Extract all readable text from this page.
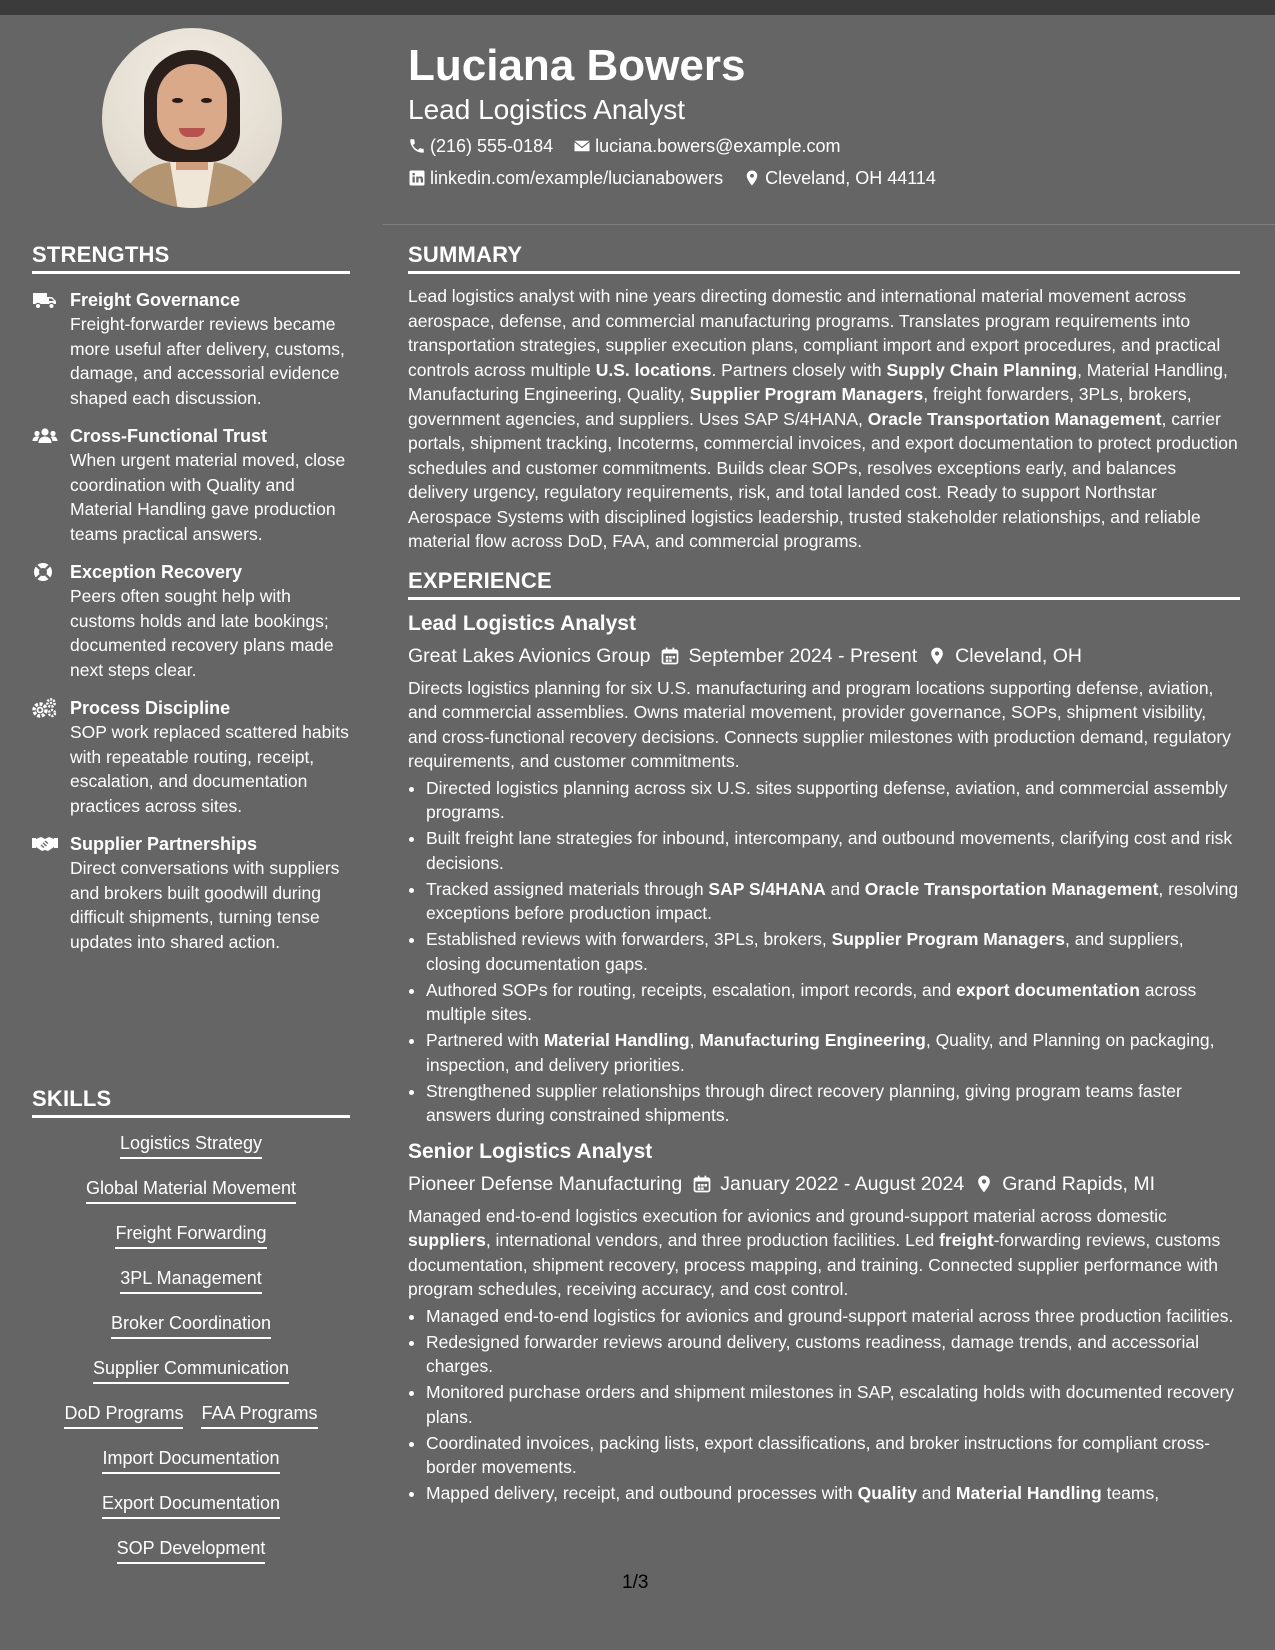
Luciana Bowers
Lead Logistics Analyst
(216) 555-0184 luciana.bowers@example.com
linkedin.com/example/lucianabowers Cleveland, OH 44114
STRENGTHS
Freight Governance
Freight-forwarder reviews became more useful after delivery, customs, damage, and accessorial evidence shaped each discussion.
Cross-Functional Trust
When urgent material moved, close coordination with Quality and Material Handling gave production teams practical answers.
Exception Recovery
Peers often sought help with customs holds and late bookings; documented recovery plans made next steps clear.
Process Discipline
SOP work replaced scattered habits with repeatable routing, receipt, escalation, and documentation practices across sites.
Supplier Partnerships
Direct conversations with suppliers and brokers built goodwill during difficult shipments, turning tense updates into shared action.
SKILLS
Logistics Strategy
Global Material Movement
Freight Forwarding
3PL Management
Broker Coordination
Supplier Communication
DoD Programs FAA Programs
Import Documentation
Export Documentation
SOP Development
SUMMARY

Lead logistics analyst with nine years directing domestic and international material movement across aerospace, defense, and commercial manufacturing programs. Translates program requirements into transportation strategies, supplier execution plans, compliant import and export procedures, and practical controls across multiple U.S. locations. Partners closely with Supply Chain Planning, Material Handling, Manufacturing Engineering, Quality, Supplier Program Managers, freight forwarders, 3PLs, brokers, government agencies, and suppliers. Uses SAP S/4HANA, Oracle Transportation Management, carrier portals, shipment tracking, Incoterms, commercial invoices, and export documentation to protect production schedules and customer commitments. Builds clear SOPs, resolves exceptions early, and balances delivery urgency, regulatory requirements, risk, and total landed cost. Ready to support Northstar Aerospace Systems with disciplined logistics leadership, trusted stakeholder relationships, and reliable material flow across DoD, FAA, and commercial programs.

EXPERIENCE
Lead Logistics Analyst
Great Lakes Avionics Group September 2024 - Present Cleveland, OH
Directs logistics planning for six U.S. manufacturing and program locations supporting defense, aviation, and commercial assemblies. Owns material movement, provider governance, SOPs, shipment visibility, and cross-functional recovery decisions. Connects supplier milestones with production demand, regulatory requirements, and customer commitments.
• Directed logistics planning across six U.S. sites supporting defense, aviation, and commercial assembly programs.
• Built freight lane strategies for inbound, intercompany, and outbound movements, clarifying cost and risk decisions.
• Tracked assigned materials through SAP S/4HANA and Oracle Transportation Management, resolving exceptions before production impact.
• Established reviews with forwarders, 3PLs, brokers, Supplier Program Managers, and suppliers, closing documentation gaps.
• Authored SOPs for routing, receipts, escalation, import records, and export documentation across multiple sites.
• Partnered with Material Handling, Manufacturing Engineering, Quality, and Planning on packaging, inspection, and delivery priorities.
• Strengthened supplier relationships through direct recovery planning, giving program teams faster answers during constrained shipments.
Senior Logistics Analyst
Pioneer Defense Manufacturing January 2022 - August 2024 Grand Rapids, MI
Managed end-to-end logistics execution for avionics and ground-support material across domestic suppliers, international vendors, and three production facilities. Led freight-forwarding reviews, customs documentation, shipment recovery, process mapping, and training. Connected supplier performance with program schedules, receiving accuracy, and cost control.
• Managed end-to-end logistics for avionics and ground-support material across three production facilities.
• Redesigned forwarder reviews around delivery, customs readiness, damage trends, and accessorial charges.
• Monitored purchase orders and shipment milestones in SAP, escalating holds with documented recovery plans.
• Coordinated invoices, packing lists, export classifications, and broker instructions for compliant cross-border movements.
• Mapped delivery, receipt, and outbound processes with Quality and Material Handling teams,
1/3
